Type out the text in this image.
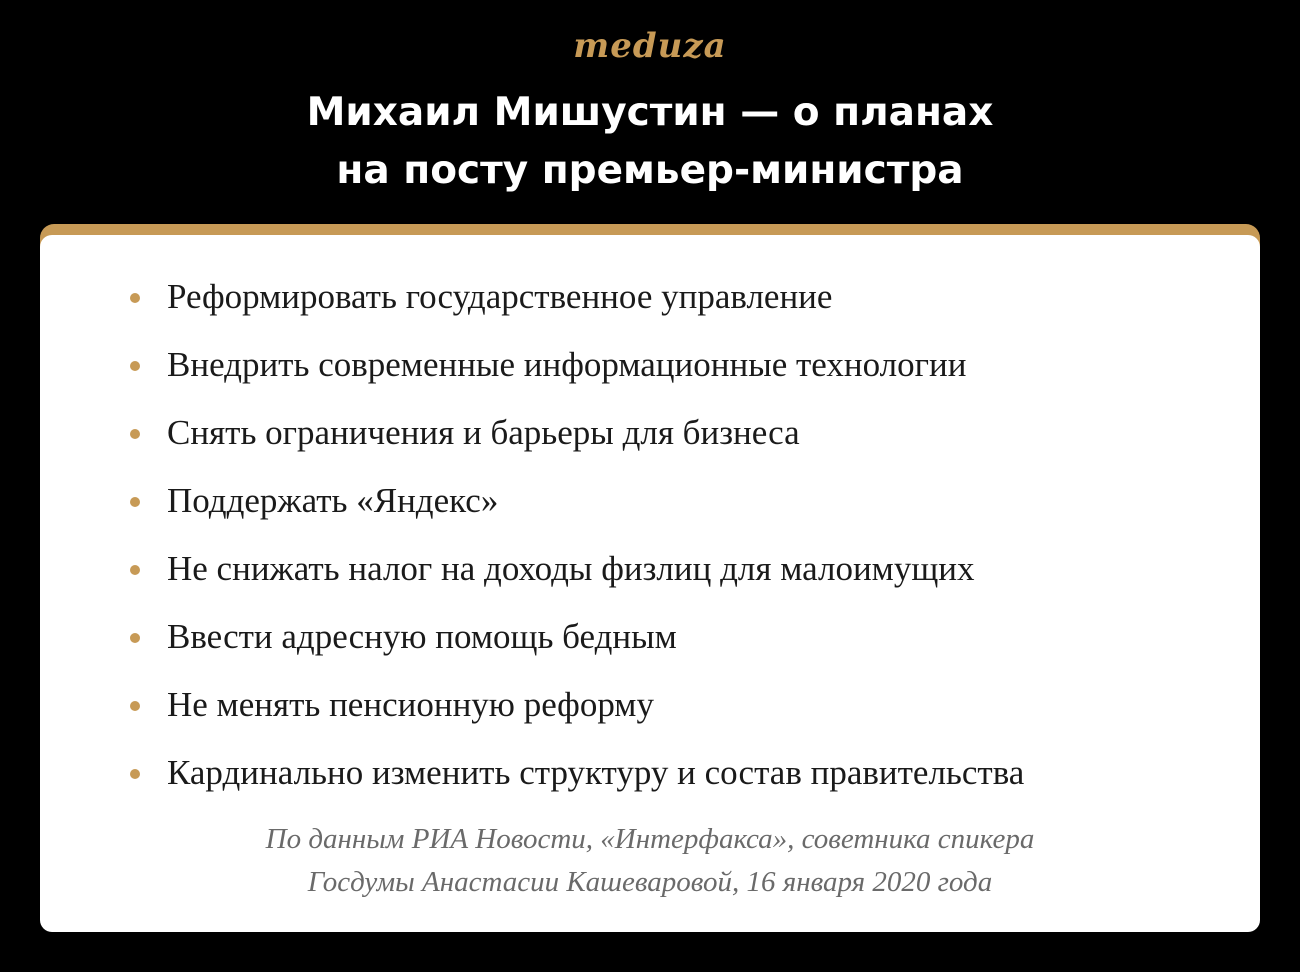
meduza
Михаил Мишустин — о планах
на посту премьер-министра
Реформировать государственное управление
Внедрить современные информационные технологии
Снять ограничения и барьеры для бизнеса
Поддержать «Яндекс»
Не снижать налог на доходы физлиц для малоимущих
Ввести адресную помощь бедным
Не менять пенсионную реформу
Кардинально изменить структуру и состав правительства
По данным РИА Новости, «Интерфакса», советника спикера
Госдумы Анастасии Кашеваровой, 16 января 2020 года
